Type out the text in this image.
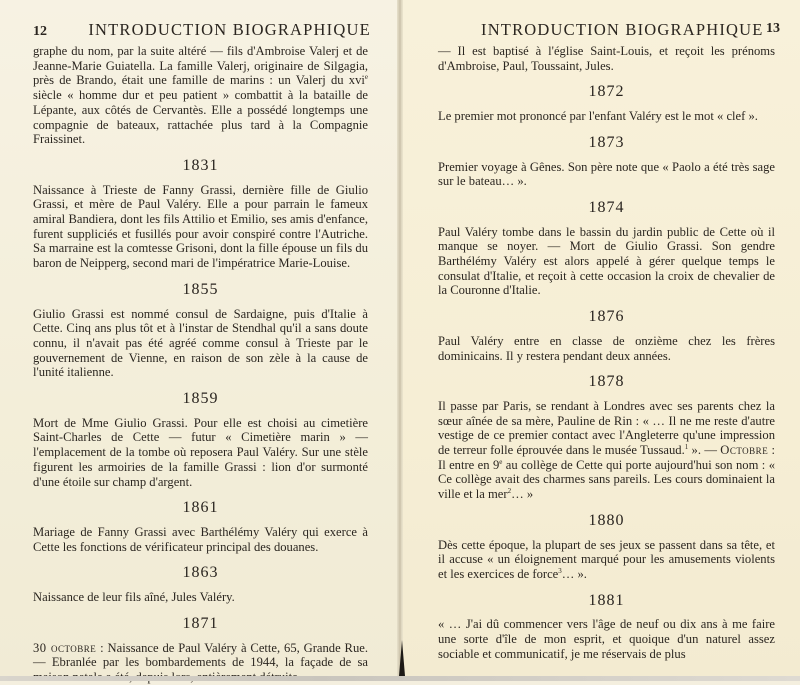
12	INTRODUCTION BIOGRAPHIQUE

graphe du nom, par la suite altéré — fils d'Ambroise Valerj et de Jeanne-Marie Guiatella. La famille Valerj, originaire de Silgagia, près de Brando, était une famille de marins : un Valerj du xvi$^e$ siècle « homme dur et peu patient » combattit à la bataille de Lépante, aux côtés de Cervantès. Elle a possédé longtemps une compagnie de bateaux, rattachée plus tard à la Compagnie Fraissinet.

1831

Naissance à Trieste de Fanny Grassi, dernière fille de Giulio Grassi, et mère de Paul Valéry. Elle a pour parrain le fameux amiral Bandiera, dont les fils Attilio et Emilio, ses amis d'enfance, furent suppliciés et fusillés pour avoir conspiré contre l'Autriche. Sa marraine est la comtesse Grisoni, dont la fille épouse un fils du baron de Neipperg, second mari de l'impératrice Marie-Louise.

1855

Giulio Grassi est nommé consul de Sardaigne, puis d'Italie à Cette. Cinq ans plus tôt et à l'instar de Stendhal qu'il a sans doute connu, il n'avait pas été agréé comme consul à Trieste par le gouvernement de Vienne, en raison de son zèle à la cause de l'unité italienne.

1859

Mort de Mme Giulio Grassi. Pour elle est choisi au cimetière Saint-Charles de Cette — futur « Cimetière marin » — l'emplacement de la tombe où reposera Paul Valéry. Sur une stèle figurent les armoiries de la famille Grassi : lion d'or surmonté d'une étoile sur champ d'argent.

1861

Mariage de Fanny Grassi avec Barthélémy Valéry qui exerce à Cette les fonctions de vérificateur principal des douanes.

1863

Naissance de leur fils aîné, Jules Valéry.

1871

30 octobre : Naissance de Paul Valéry à Cette, 65, Grande Rue. — Ebranlée par les bombardements de 1944, la façade de sa

INTRODUCTION BIOGRAPHIQUE 13

— Il est baptisé à l'église Saint-Louis, et reçoit les prénoms d'Ambroise, Paul, Toussaint, Jules.

1872

Le premier mot prononcé par l'enfant Valéry est le mot « clef ».

1873

Premier voyage à Gênes. Son père note que « Paolo a été très sage sur le bateau… ».

1874

Paul Valéry tombe dans le bassin du jardin public de Cette où il manque se noyer. — Mort de Giulio Grassi. Son gendre Barthélémy Valéry est alors appelé à gérer quelque temps le consulat d'Italie, et reçoit à cette occasion la croix de chevalier de la Couronne d'Italie.

1876

Paul Valéry entre en classe de onzième chez les frères dominicains. Il y restera pendant deux années.

1878

Il passe par Paris, se rendant à Londres avec ses parents chez la sœur aînée de sa mère, Pauline de Rin : « … Il ne me reste d'autre vestige de ce premier contact avec l'Angleterre qu'une impression de terreur folle éprouvée dans le musée Tussaud.$^1$ ». — Octobre : Il entre en 9e au collège de Cette qui porte aujourd'hui son nom : « Ce collège avait des charmes sans pareils. Les cours dominaient la ville et la mer$^2$… »

1880

Dès cette époque, la plupart de ses jeux se passent dans sa tête, et il accuse « un éloignement marqué pour les amusements violents et les exercices de force$^3$… ».

1881

« … J'ai dû commencer vers l'âge de neuf ou dix ans à me faire une sorte d'île de mon esprit, et quoique d'un naturel assez sociable et communicatif, je me réservais de plus
